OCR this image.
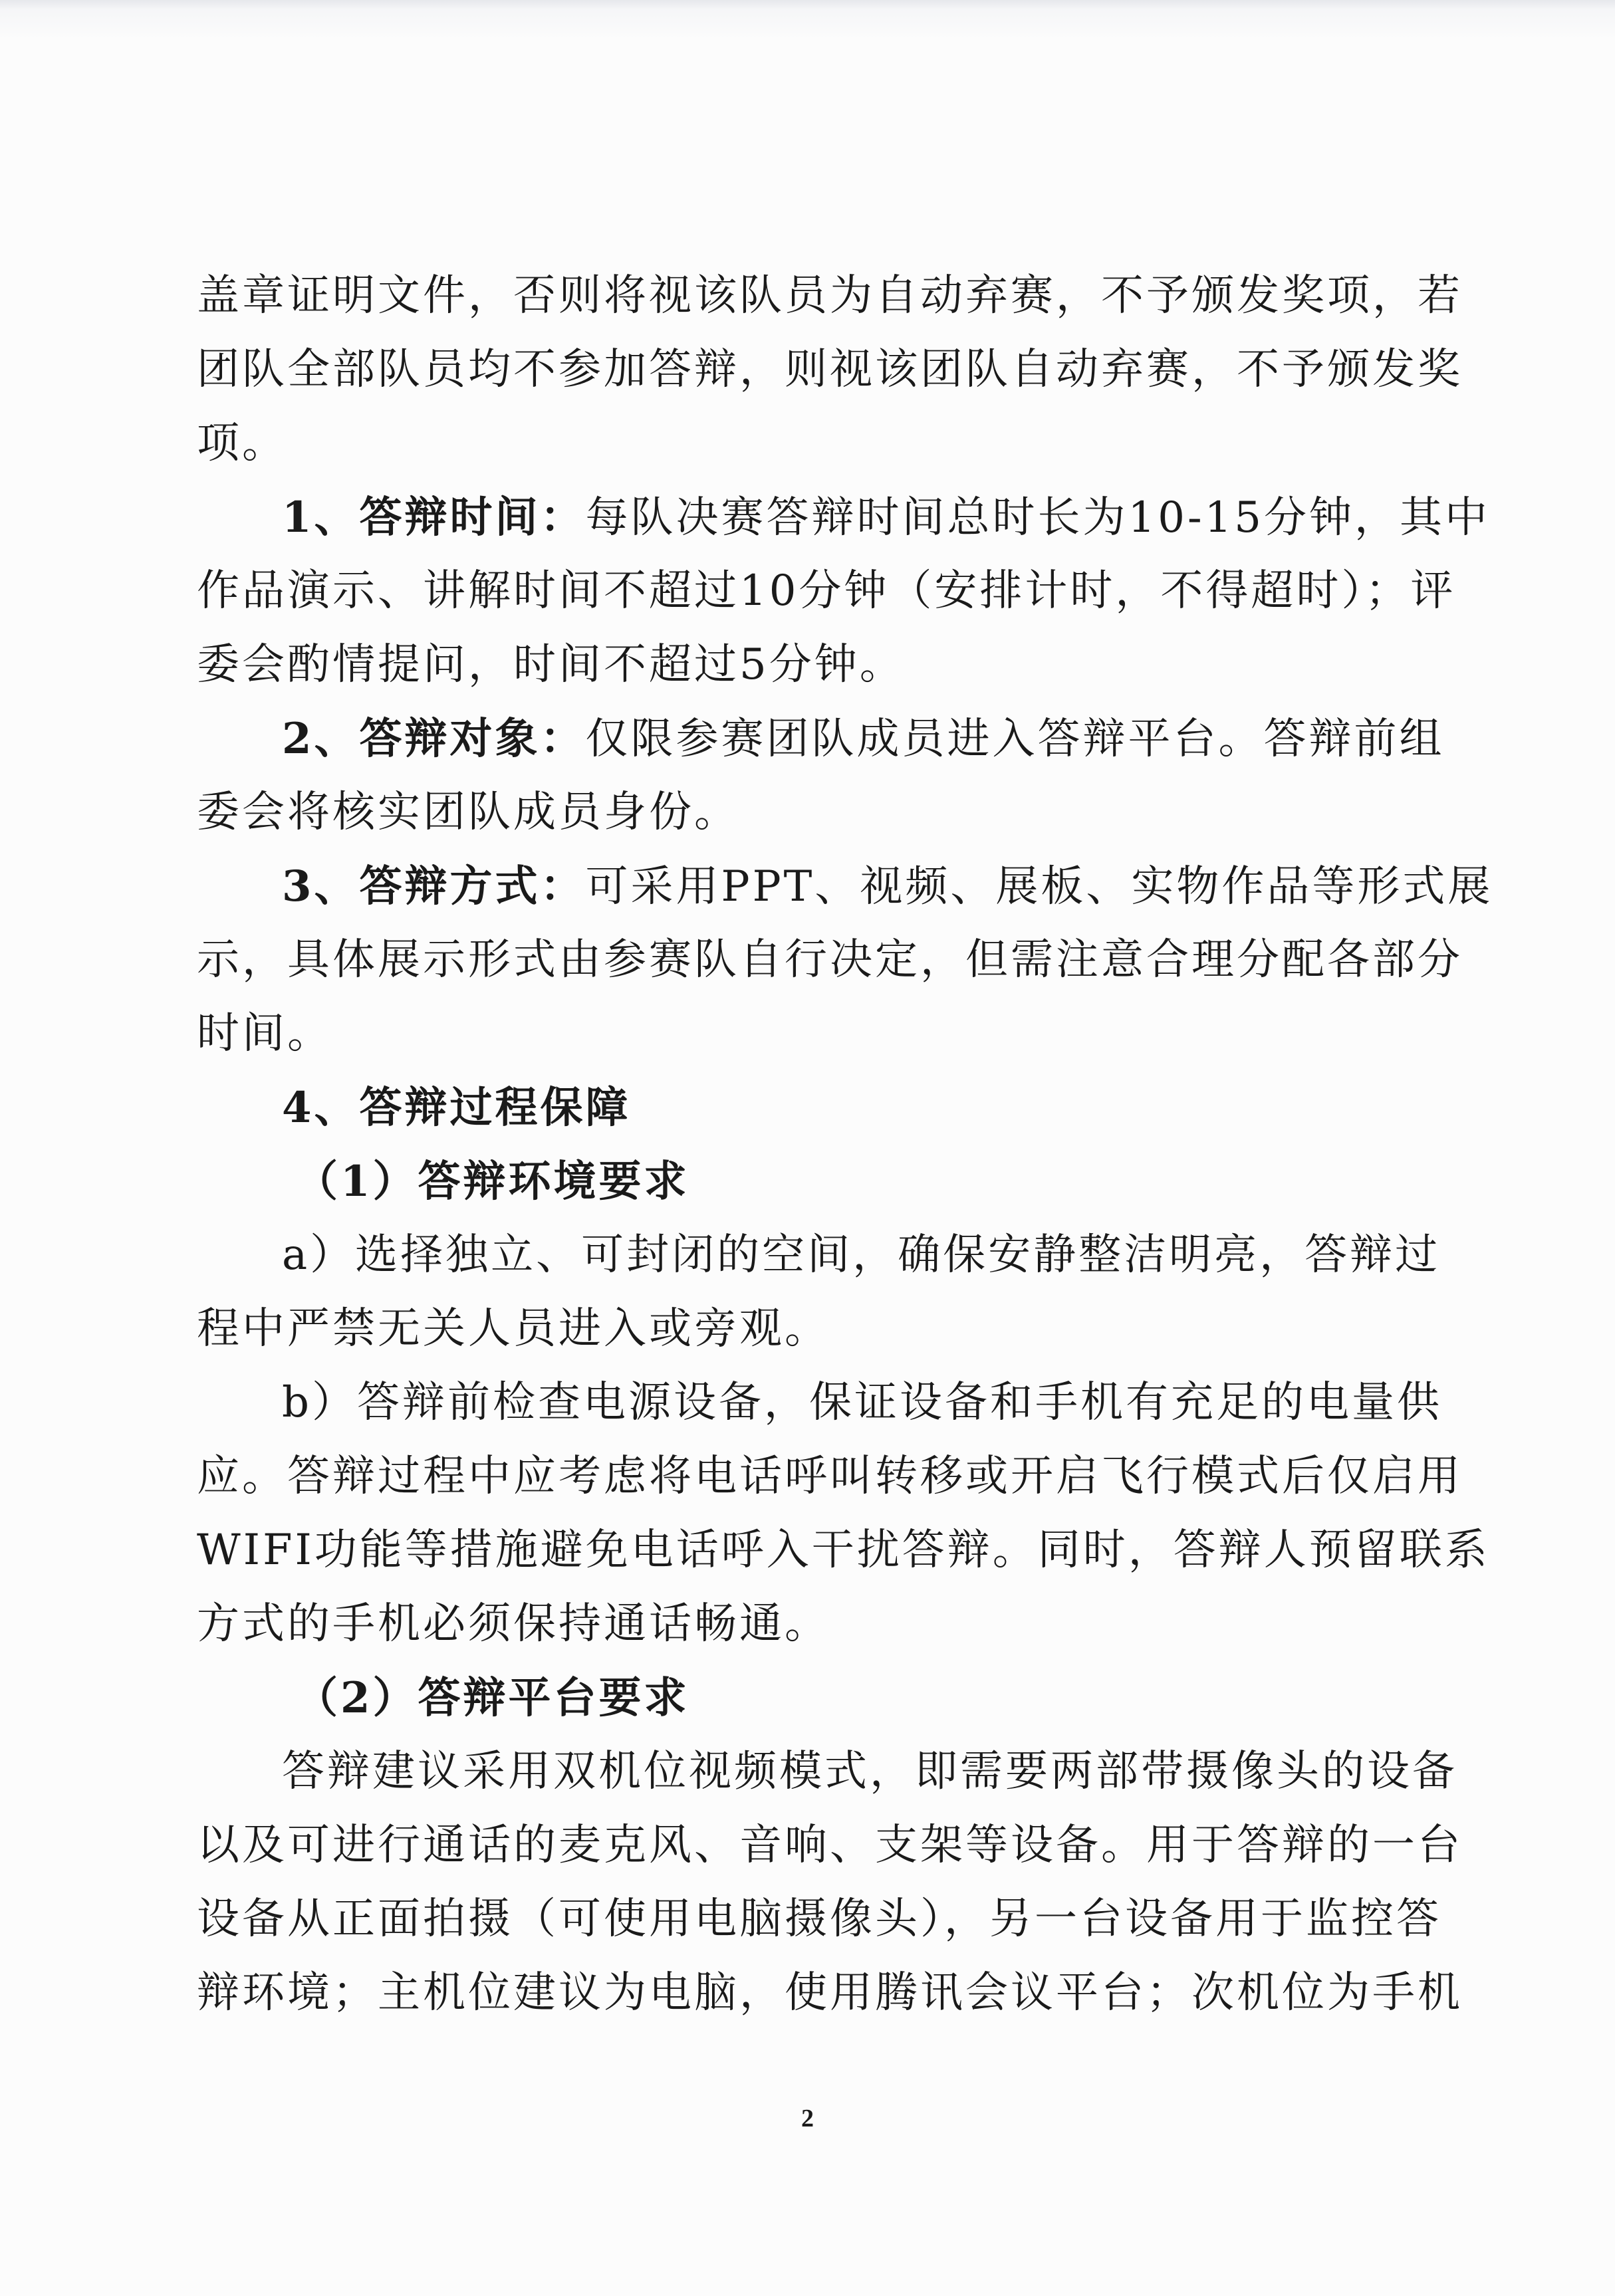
盖章证明文件，否则将视该队员为自动弃赛，不予颁发奖项，若
团队全部队员均不参加答辩，则视该团队自动弃赛，不予颁发奖
项。
1、答辩时间：每队决赛答辩时间总时长为10-15分钟，其中
作品演示、讲解时间不超过10分钟（安排计时，不得超时）；评
委会酌情提问，时间不超过5分钟。
2、答辩对象：仅限参赛团队成员进入答辩平台。答辩前组
委会将核实团队成员身份。
3、答辩方式：可采用PPT、视频、展板、实物作品等形式展
示，具体展示形式由参赛队自行决定，但需注意合理分配各部分
时间。
4、答辩过程保障
（1）答辩环境要求
a）选择独立、可封闭的空间，确保安静整洁明亮，答辩过
程中严禁无关人员进入或旁观。
b）答辩前检查电源设备，保证设备和手机有充足的电量供
应。答辩过程中应考虑将电话呼叫转移或开启飞行模式后仅启用
WIFI功能等措施避免电话呼入干扰答辩。同时，答辩人预留联系
方式的手机必须保持通话畅通。
（2）答辩平台要求
答辩建议采用双机位视频模式，即需要两部带摄像头的设备
以及可进行通话的麦克风、音响、支架等设备。用于答辩的一台
设备从正面拍摄（可使用电脑摄像头），另一台设备用于监控答
辩环境；主机位建议为电脑，使用腾讯会议平台；次机位为手机
2
